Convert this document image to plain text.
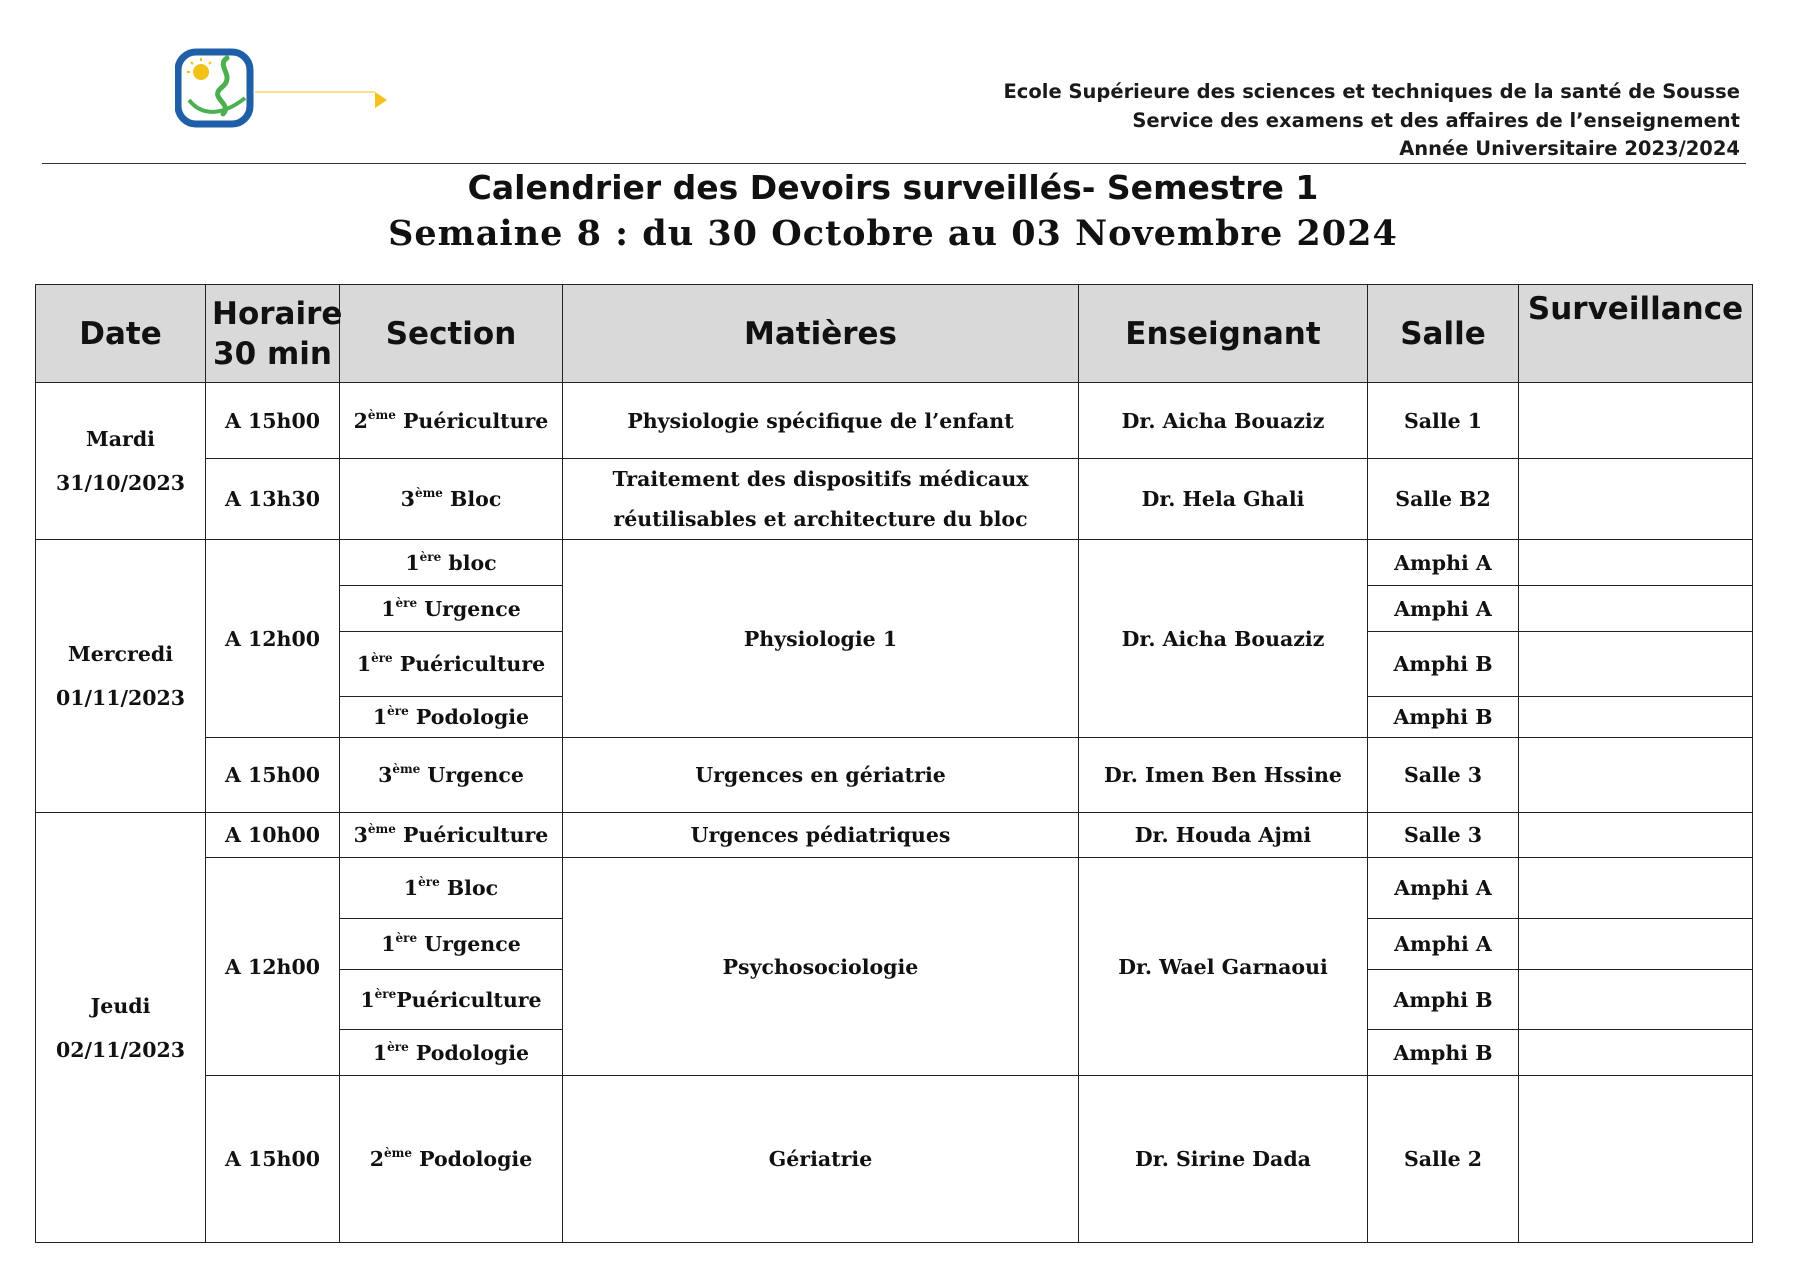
Ecole Supérieure des sciences et techniques de la santé de Sousse
Service des examens et des affaires de l’enseignement
Année Universitaire 2023/2024
Calendrier des Devoirs surveillés- Semestre 1
Semaine 8 : du 30 Octobre au 03 Novembre 2024
Date	Horaire
30 min	Section	Matières	Enseignant	Salle	Surveillance

Mardi
31/10/2023	A 15h00	2ème Puériculture	Physiologie spécifique de l’enfant	Dr. Aicha Bouaziz	Salle 1	
	A 13h30	3ème Bloc	Traitement des dispositifs médicaux
réutilisables et architecture du bloc	Dr. Hela Ghali	Salle B2	

Mercredi
01/11/2023	A 12h00	1ère bloc	Physiologie 1	Dr. Aicha Bouaziz	Amphi A	
		1ère Urgence			Amphi A	
		1ère Puériculture			Amphi B	
		1ère Podologie			Amphi B	
	A 15h00	3ème Urgence	Urgences en gériatrie	Dr. Imen Ben Hssine	Salle 3	

Jeudi
02/11/2023	A 10h00	3ème Puériculture	Urgences pédiatriques	Dr. Houda Ajmi	Salle 3	
	A 12h00	1ère Bloc	Psychosociologie	Dr. Wael Garnaoui	Amphi A	
		1ère Urgence			Amphi A	
		1èrePuériculture			Amphi B	
		1ère Podologie			Amphi B	
	A 15h00	2ème Podologie	Gériatrie	Dr. Sirine Dada	Salle 2	
